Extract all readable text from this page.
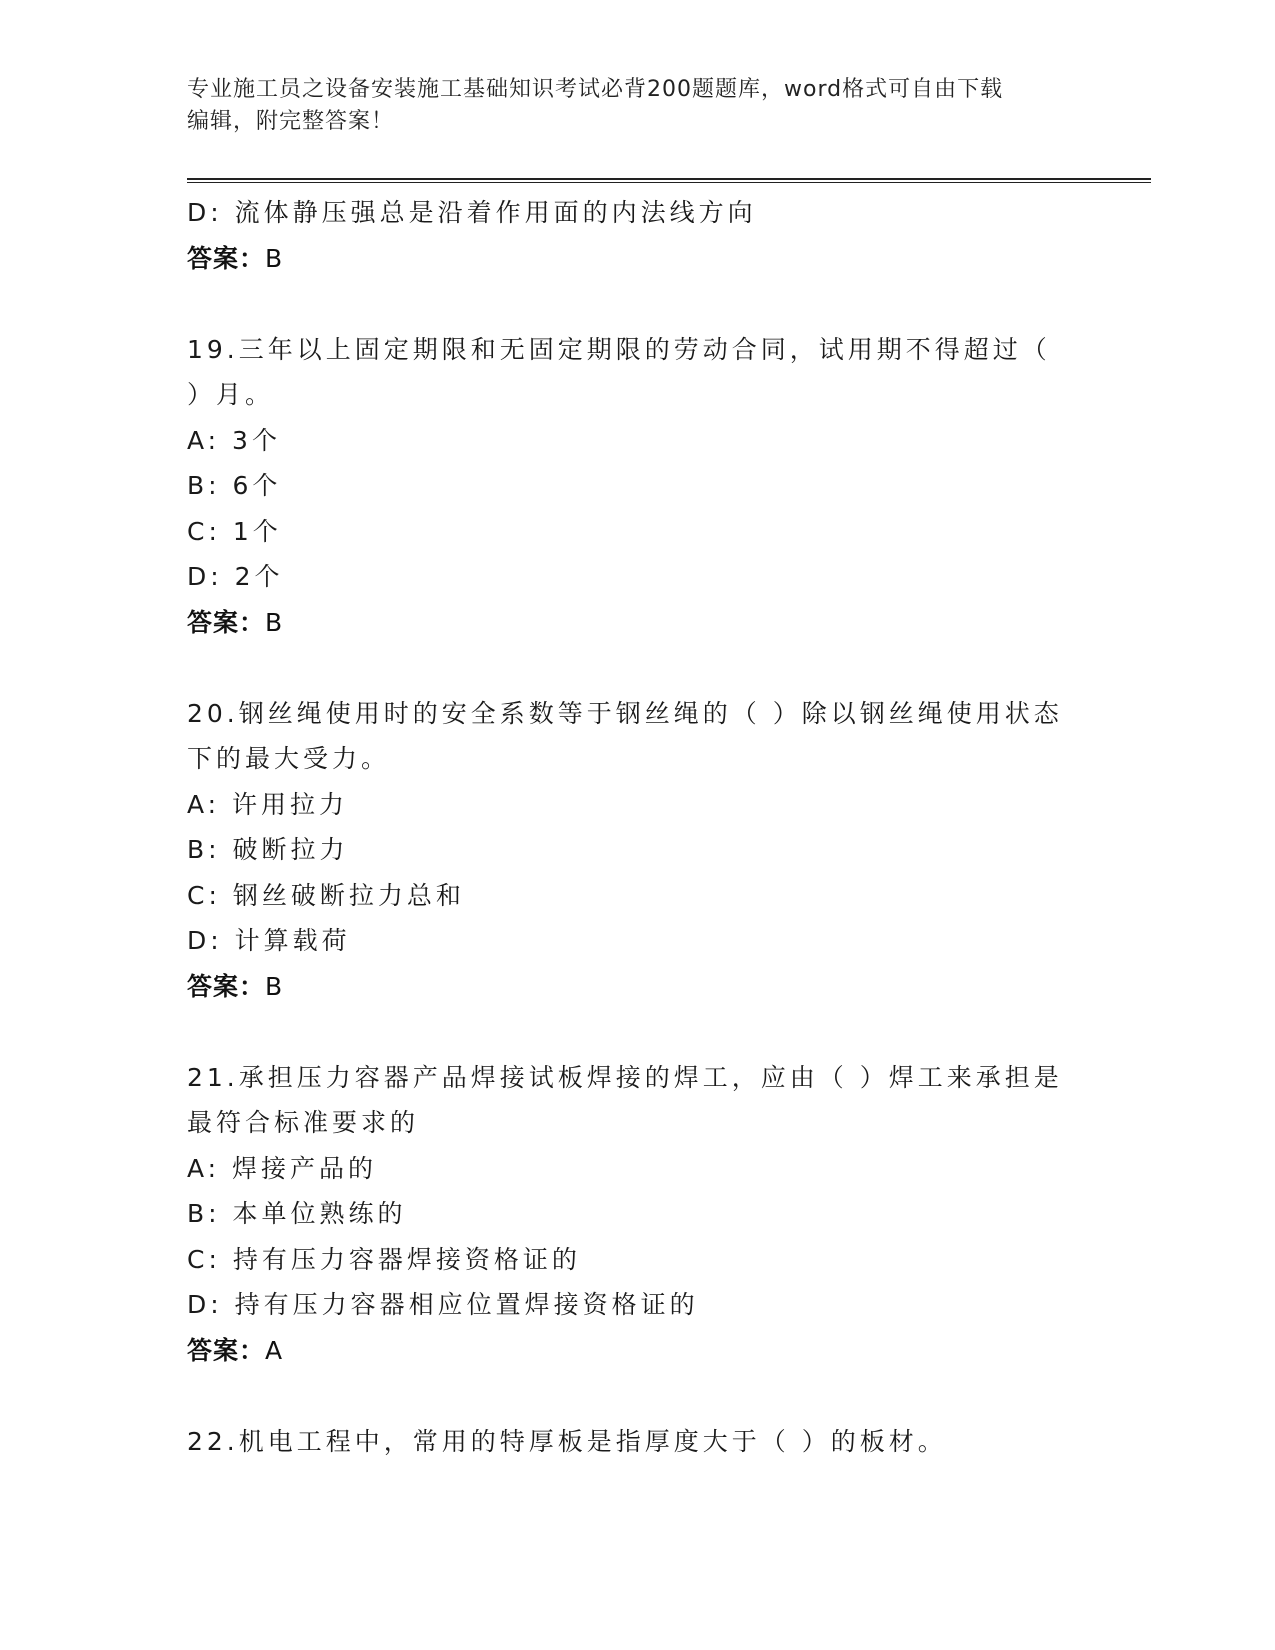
专业施工员之设备安装施工基础知识考试必背200题题库，word格式可自由下载
编辑，附完整答案！
D: 流体静压强总是沿着作用面的内法线方向
答案：B
19.三年以上固定期限和无固定期限的劳动合同，试用期不得超过（
）月。
A: 3个
B: 6个
C: 1个
D: 2个
答案：B
20.钢丝绳使用时的安全系数等于钢丝绳的（ ）除以钢丝绳使用状态
下的最大受力。
A: 许用拉力
B: 破断拉力
C: 钢丝破断拉力总和
D: 计算载荷
答案：B
21.承担压力容器产品焊接试板焊接的焊工，应由（ ）焊工来承担是
最符合标准要求的
A: 焊接产品的
B: 本单位熟练的
C: 持有压力容器焊接资格证的
D: 持有压力容器相应位置焊接资格证的
答案：A
22.机电工程中，常用的特厚板是指厚度大于（ ）的板材。
